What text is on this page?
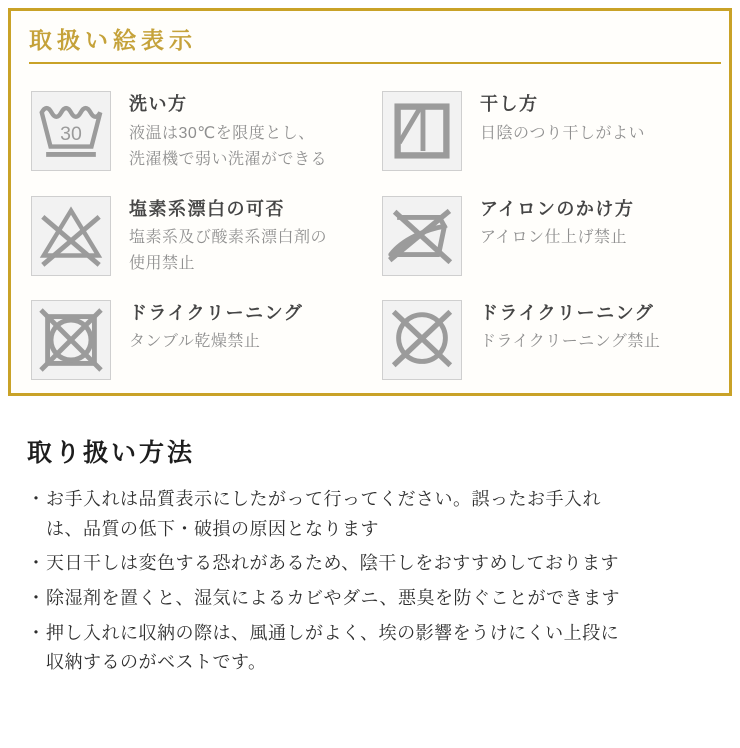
取扱い絵表示
30
洗い方
液温は30℃を限度とし、洗濯機で弱い洗濯ができる
干し方
日陰のつり干しがよい
塩素系漂白の可否
塩素系及び酸素系漂白剤の使用禁止
アイロンのかけ方
アイロン仕上げ禁止
ドライクリーニング
タンブル乾燥禁止
ドライクリーニング
ドライクリーニング禁止
取り扱い方法

・ お手入れは品質表示にしたがって行ってください。誤ったお手入れは、品質の低下・破損の原因となります

・ 天日干しは変色する恐れがあるため、陰干しをおすすめしております

・ 除湿剤を置くと、湿気によるカビやダニ、悪臭を防ぐことができます

・ 押し入れに収納の際は、風通しがよく、埃の影響をうけにくい上段に収納するのがベストです。
